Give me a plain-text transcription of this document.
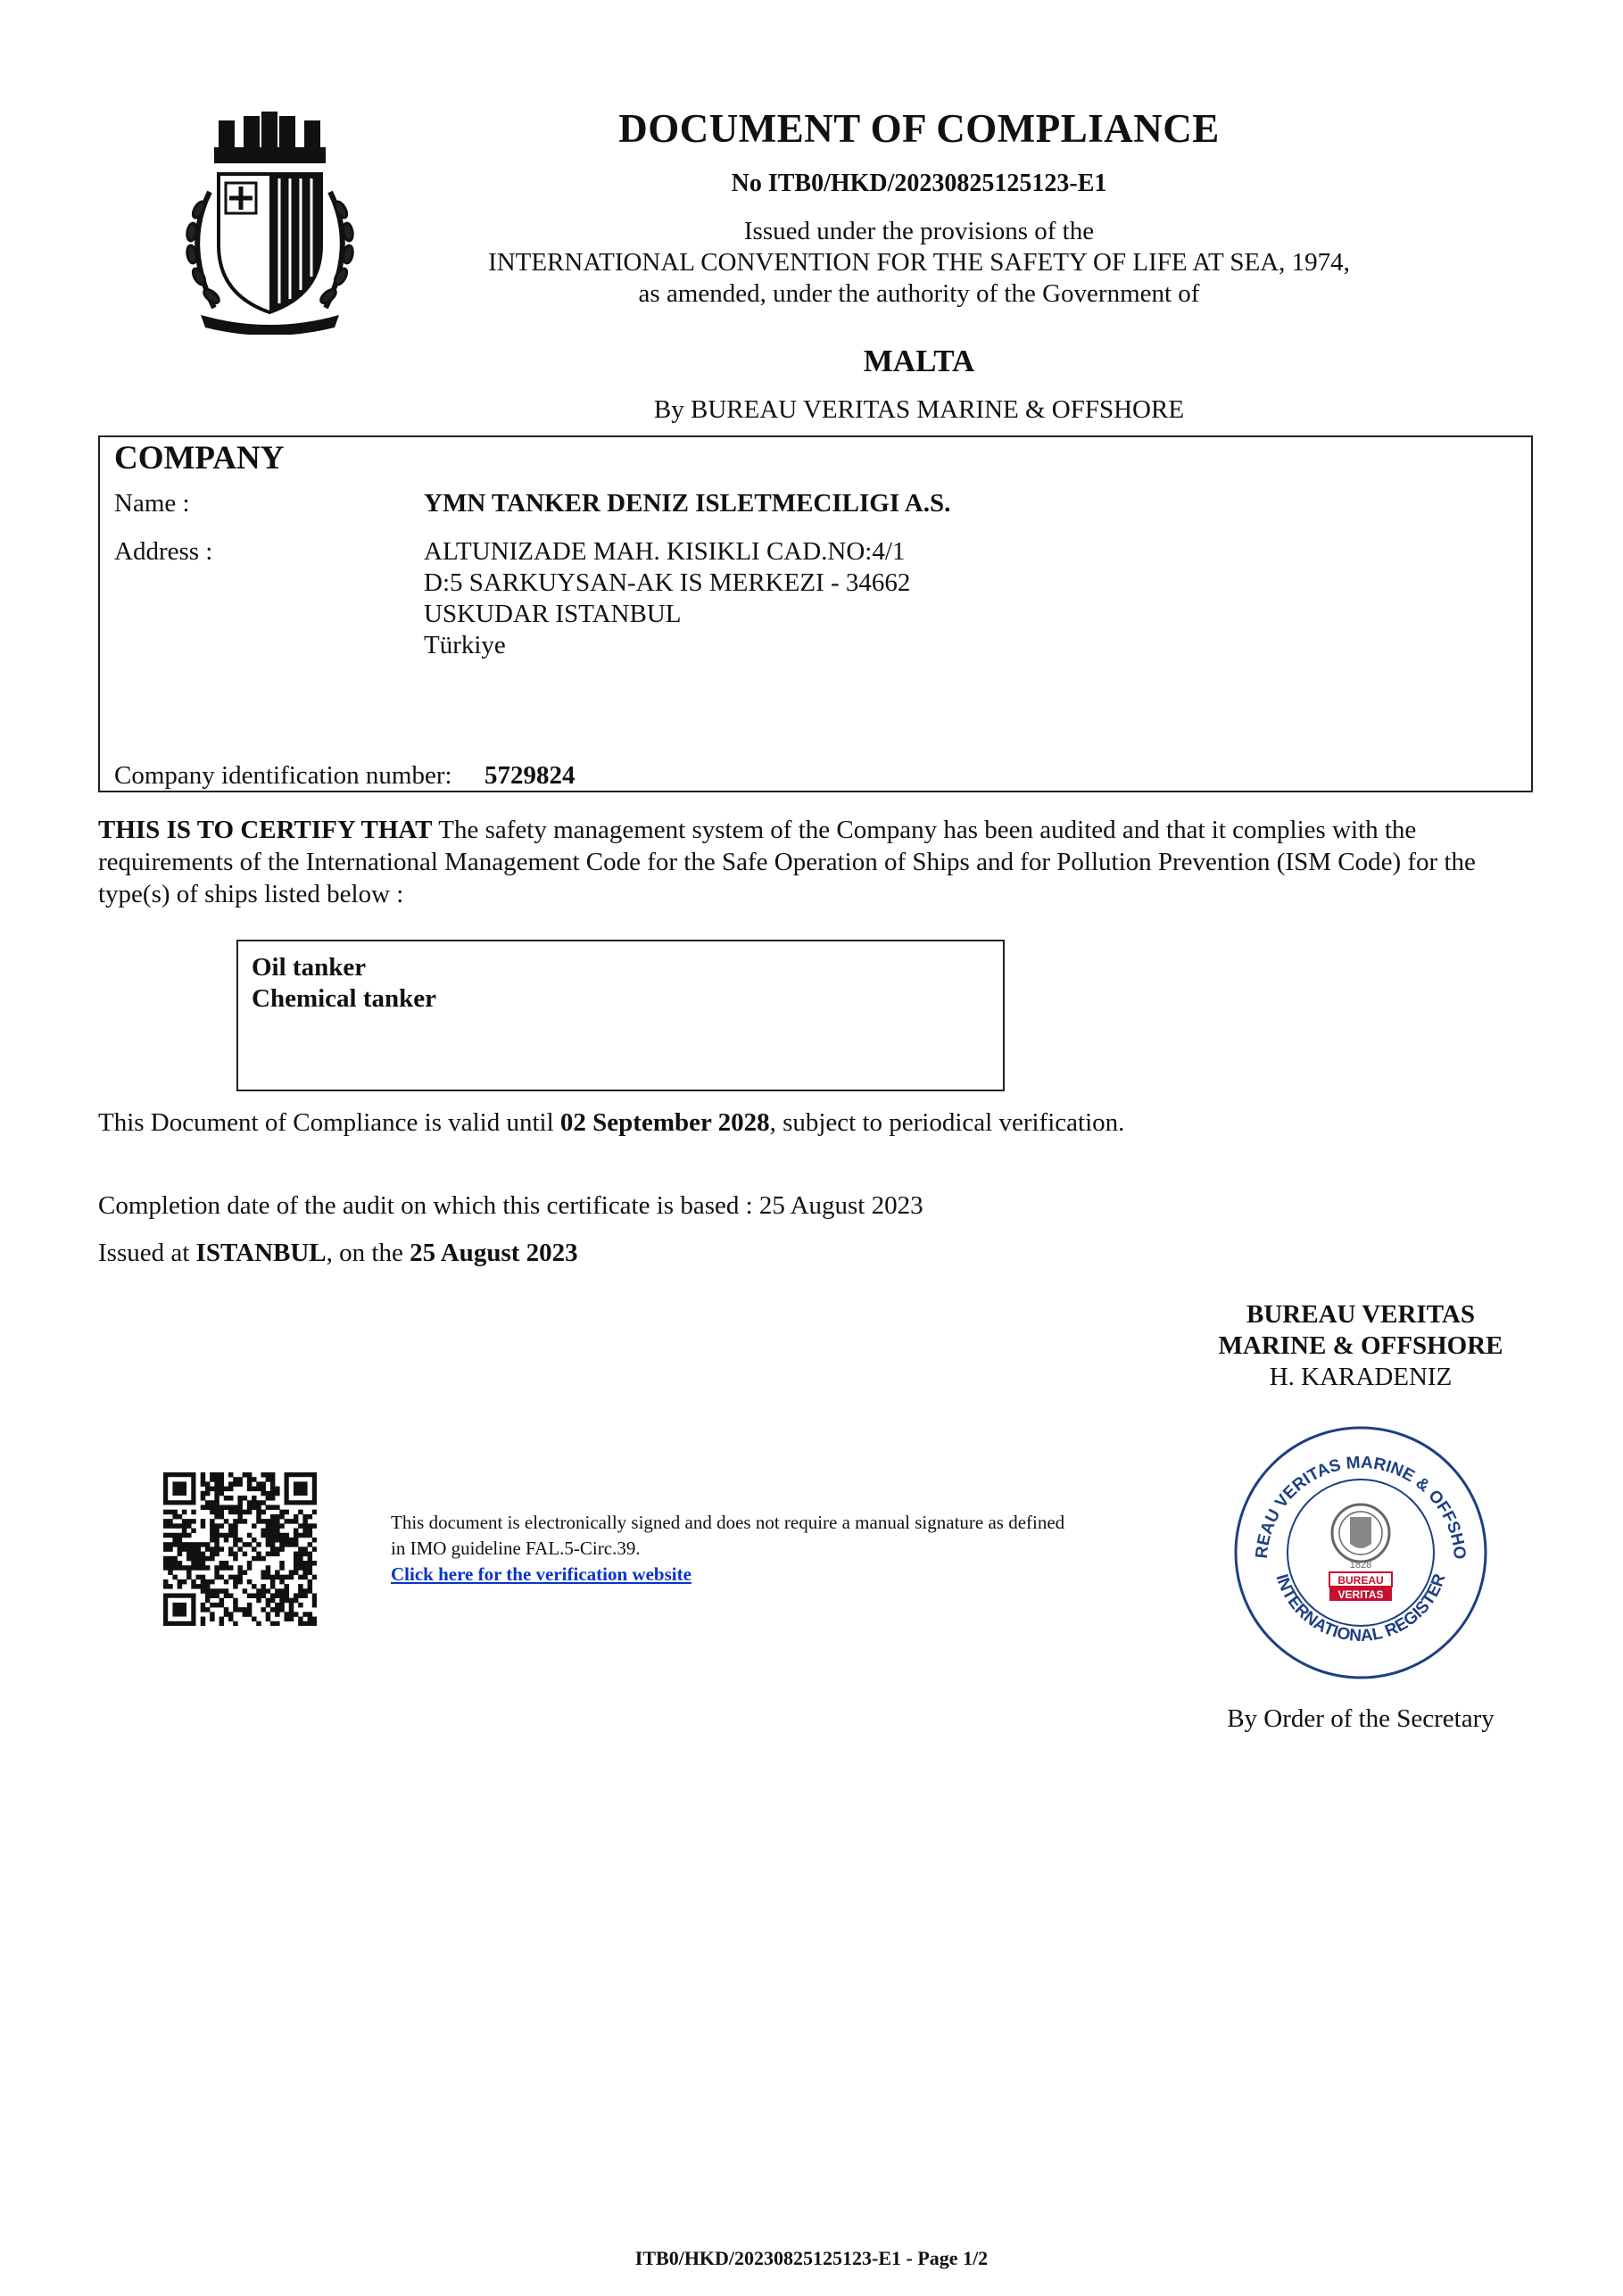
DOCUMENT OF COMPLIANCE
No ITB0/HKD/20230825125123-E1
Issued under the provisions of the
INTERNATIONAL CONVENTION FOR THE SAFETY OF LIFE AT SEA, 1974,
as amended, under the authority of the Government of
MALTA
By BUREAU VERITAS MARINE & OFFSHORE
COMPANY
Name :	YMN TANKER DENIZ ISLETMECILIGI A.S.
Address :	ALTUNIZADE MAH. KISIKLI CAD.NO:4/1
D:5 SARKUYSAN-AK IS MERKEZI - 34662
USKUDAR ISTANBUL
Türkiye
Company identification number: 5729824
THIS IS TO CERTIFY THAT The safety management system of the Company has been audited and that it complies with the requirements of the International Management Code for the Safe Operation of Ships and for Pollution Prevention (ISM Code) for the type(s) of ships listed below :
Oil tanker
Chemical tanker
This Document of Compliance is valid until 02 September 2028, subject to periodical verification.
Completion date of the audit on which this certificate is based : 25 August 2023
Issued at ISTANBUL, on the 25 August 2023
BUREAU VERITAS
MARINE & OFFSHORE
H. KARADENIZ
This document is electronically signed and does not require a manual signature as defined
in IMO guideline FAL.5-Circ.39.
Click here for the verification website
REAU VERITAS MARINE & OFFSHO
INTERNATIONAL REGISTER
1828
BUREAU
VERITAS
By Order of the Secretary
ITB0/HKD/20230825125123-E1 - Page 1/2
